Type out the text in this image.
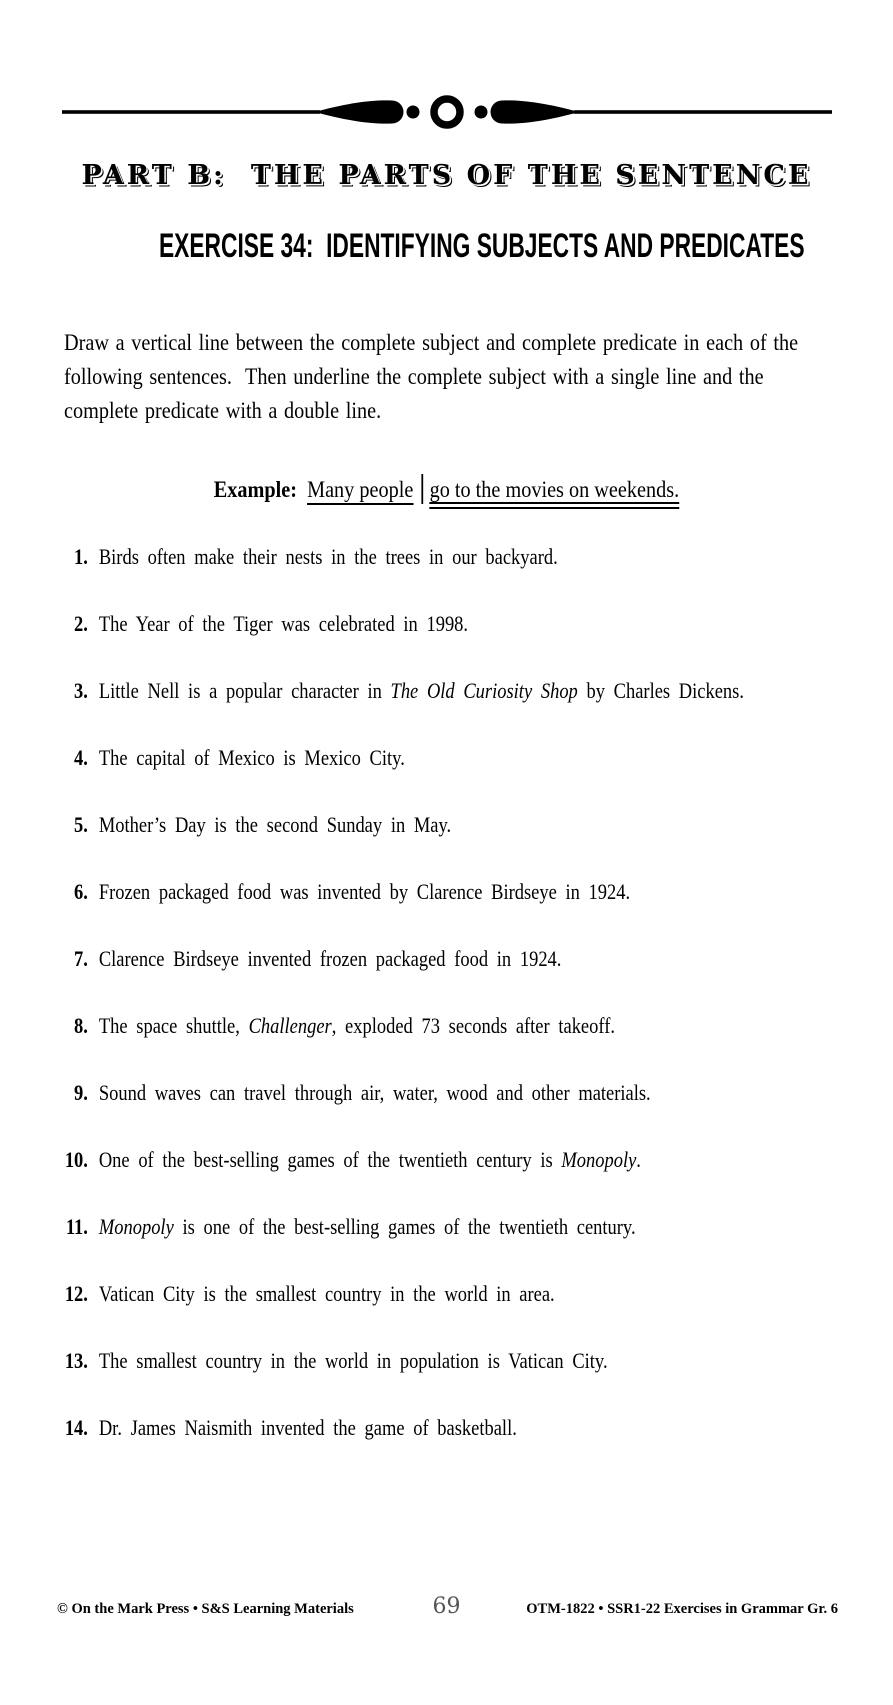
PART B:  THE PARTS OF THE SENTENCE
EXERCISE 34:  IDENTIFYING SUBJECTS AND PREDICATES
Draw a vertical line between the complete subject and complete predicate in each of the following sentences.  Then underline the complete subject with a single line and the complete predicate with a double line.
Example: Many people go to the movies on weekends.
1. Birds often make their nests in the trees in our backyard.
2. The Year of the Tiger was celebrated in 1998.
3. Little Nell is a popular character in The Old Curiosity Shop by Charles Dickens.
4. The capital of Mexico is Mexico City.
5. Mother’s Day is the second Sunday in May.
6. Frozen packaged food was invented by Clarence Birdseye in 1924.
7. Clarence Birdseye invented frozen packaged food in 1924.
8. The space shuttle, Challenger, exploded 73 seconds after takeoff.
9. Sound waves can travel through air, water, wood and other materials.
10. One of the best-selling games of the twentieth century is Monopoly.
11. Monopoly is one of the best-selling games of the twentieth century.
12. Vatican City is the smallest country in the world in area.
13. The smallest country in the world in population is Vatican City.
14. Dr. James Naismith invented the game of basketball.
© On the Mark Press • S&S Learning Materials	69	OTM-1822 • SSR1-22 Exercises in Grammar Gr. 6
